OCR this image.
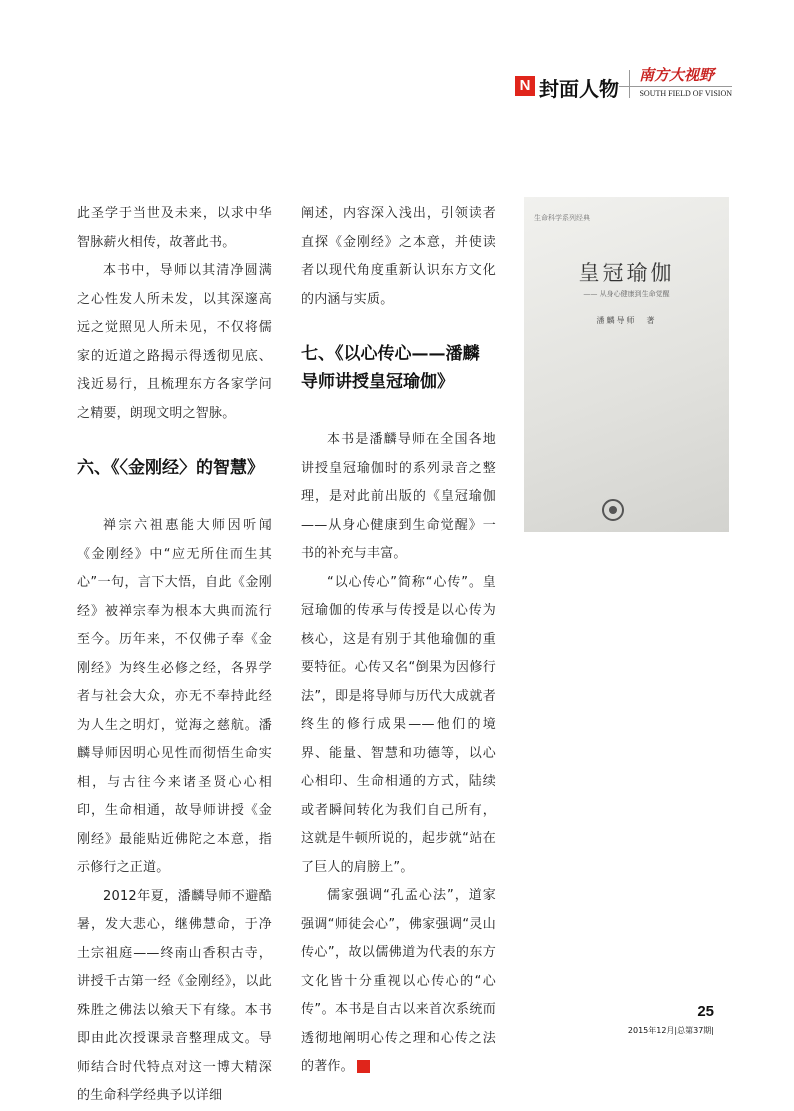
N 封面人物
南方大视野
SOUTH FIELD OF VISION

此圣学于当世及未来，以求中华智脉薪火相传，故著此书。

本书中，导师以其清净圆满之心性发人所未发，以其深邃高远之觉照见人所未见，不仅将儒家的近道之路揭示得透彻见底、浅近易行，且梳理东方各家学问之精要，朗现文明之智脉。

六、《〈金刚经〉的智慧》

禅宗六祖惠能大师因听闻《金刚经》中“应无所住而生其心”一句，言下大悟，自此《金刚经》被禅宗奉为根本大典而流行至今。历年来，不仅佛子奉《金刚经》为终生必修之经，各界学者与社会大众，亦无不奉持此经为人生之明灯，觉海之慈航。潘麟导师因明心见性而彻悟生命实相，与古往今来诸圣贤心心相印，生命相通，故导师讲授《金刚经》最能贴近佛陀之本意，指示修行之正道。

2012年夏，潘麟导师不避酷暑，发大悲心，继佛慧命，于净土宗祖庭——终南山香积古寺，讲授千古第一经《金刚经》，以此殊胜之佛法以飨天下有缘。本书即由此次授课录音整理成文。导师结合时代特点对这一博大精深的生命科学经典予以详细

阐述，内容深入浅出，引领读者直探《金刚经》之本意，并使读者以现代角度重新认识东方文化的内涵与实质。

七、《以心传心——潘麟导师讲授皇冠瑜伽》

本书是潘麟导师在全国各地讲授皇冠瑜伽时的系列录音之整理，是对此前出版的《皇冠瑜伽——从身心健康到生命觉醒》一书的补充与丰富。

“以心传心”简称“心传”。皇冠瑜伽的传承与传授是以心传为核心，这是有别于其他瑜伽的重要特征。心传又名“倒果为因修行法”，即是将导师与历代大成就者终生的修行成果——他们的境界、能量、智慧和功德等，以心心相印、生命相通的方式，陆续或者瞬间转化为我们自己所有，这就是牛顿所说的，起步就“站在了巨人的肩膀上”。

儒家强调“孔孟心法”，道家强调“师徒会心”，佛家强调“灵山传心”，故以儒佛道为代表的东方文化皆十分重视以心传心的“心传”。本书是自古以来首次系统而透彻地阐明心传之理和心传之法的著作。	N

生命科学系列经典
皇冠瑜伽
—— 从身心健康到生命觉醒
潘麟导师　著
25
2015年12月|总第37期|
